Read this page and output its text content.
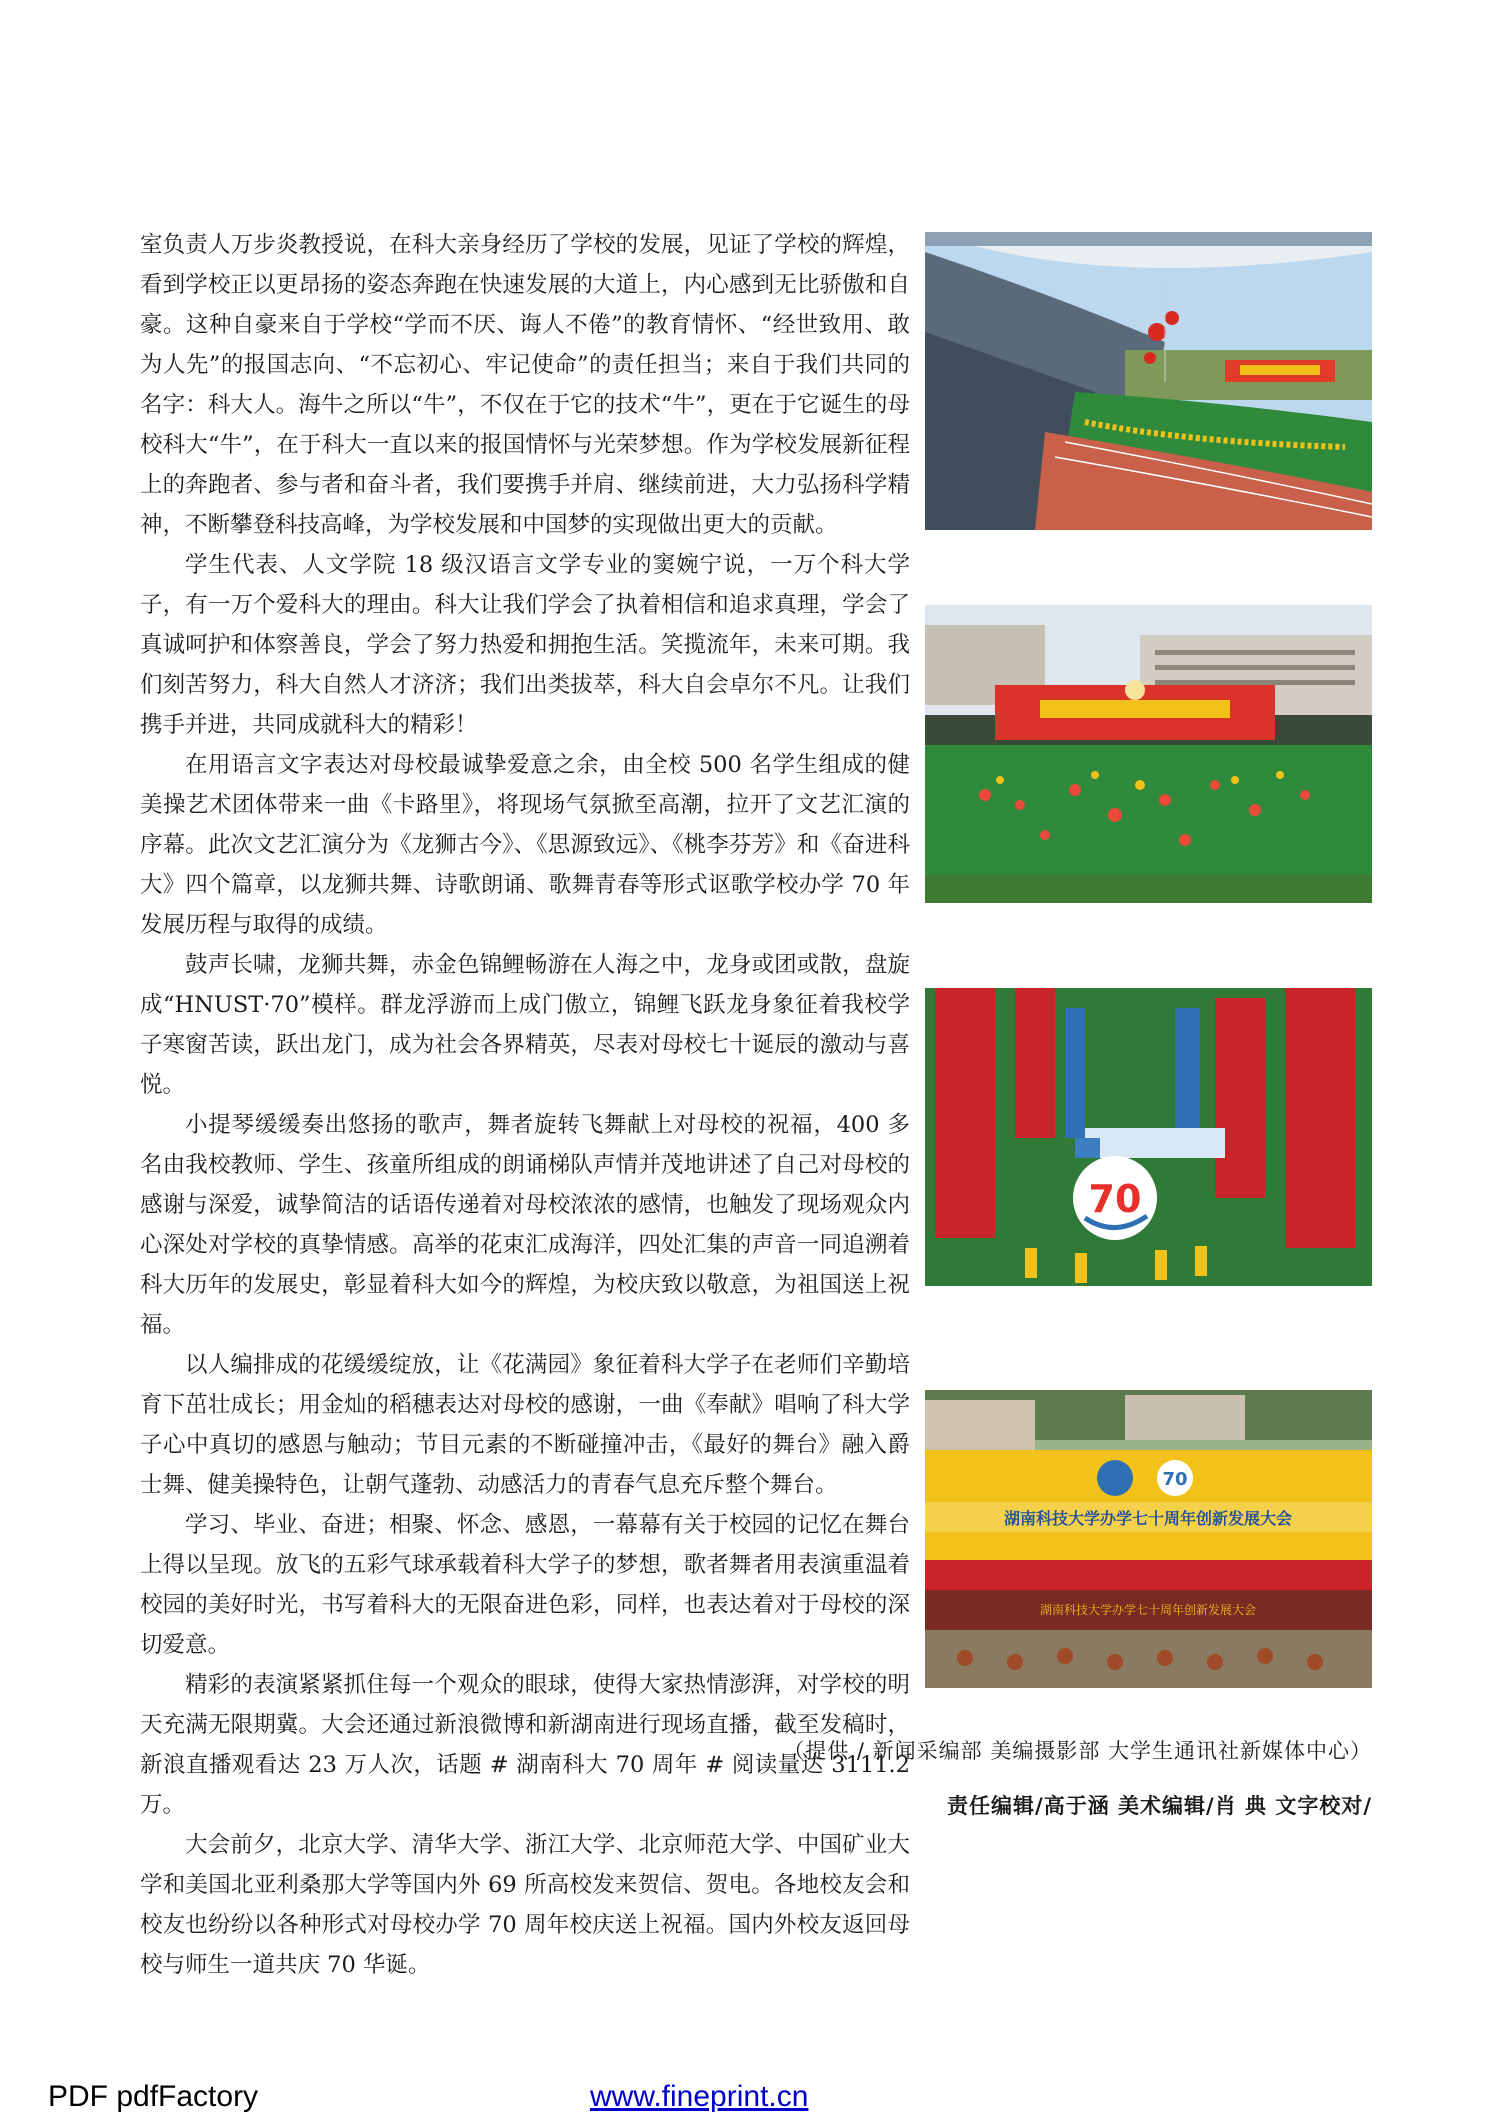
室负责人万步炎教授说，在科大亲身经历了学校的发展，见证了学校的辉煌，看到学校正以更昂扬的姿态奔跑在快速发展的大道上，内心感到无比骄傲和自豪。这种自豪来自于学校“学而不厌、诲人不倦”的教育情怀、“经世致用、敢为人先”的报国志向、“不忘初心、牢记使命”的责任担当；来自于我们共同的名字：科大人。海牛之所以“牛”，不仅在于它的技术“牛”，更在于它诞生的母校科大“牛”，在于科大一直以来的报国情怀与光荣梦想。作为学校发展新征程上的奔跑者、参与者和奋斗者，我们要携手并肩、继续前进，大力弘扬科学精神，不断攀登科技高峰，为学校发展和中国梦的实现做出更大的贡献。

学生代表、人文学院 18 级汉语言文学专业的窦婉宁说，一万个科大学子，有一万个爱科大的理由。科大让我们学会了执着相信和追求真理，学会了真诚呵护和体察善良，学会了努力热爱和拥抱生活。笑揽流年，未来可期。我们刻苦努力，科大自然人才济济；我们出类拔萃，科大自会卓尔不凡。让我们携手并进，共同成就科大的精彩！

在用语言文字表达对母校最诚挚爱意之余，由全校 500 名学生组成的健美操艺术团体带来一曲《卡路里》，将现场气氛掀至高潮，拉开了文艺汇演的序幕。此次文艺汇演分为《龙狮古今》、《思源致远》、《桃李芬芳》和《奋进科大》四个篇章，以龙狮共舞、诗歌朗诵、歌舞青春等形式讴歌学校办学 70 年发展历程与取得的成绩。

鼓声长啸，龙狮共舞，赤金色锦鲤畅游在人海之中，龙身或团或散，盘旋成“HNUST·70”模样。群龙浮游而上成门傲立，锦鲤飞跃龙身象征着我校学子寒窗苦读，跃出龙门，成为社会各界精英，尽表对母校七十诞辰的激动与喜悦。

小提琴缓缓奏出悠扬的歌声，舞者旋转飞舞献上对母校的祝福，400 多名由我校教师、学生、孩童所组成的朗诵梯队声情并茂地讲述了自己对母校的感谢与深爱，诚挚简洁的话语传递着对母校浓浓的感情，也触发了现场观众内心深处对学校的真挚情感。高举的花束汇成海洋，四处汇集的声音一同追溯着科大历年的发展史，彰显着科大如今的辉煌，为校庆致以敬意，为祖国送上祝福。

以人编排成的花缓缓绽放，让《花满园》象征着科大学子在老师们辛勤培育下茁壮成长；用金灿的稻穗表达对母校的感谢，一曲《奉献》唱响了科大学子心中真切的感恩与触动；节目元素的不断碰撞冲击，《最好的舞台》融入爵士舞、健美操特色，让朝气蓬勃、动感活力的青春气息充斥整个舞台。

学习、毕业、奋进；相聚、怀念、感恩，一幕幕有关于校园的记忆在舞台上得以呈现。放飞的五彩气球承载着科大学子的梦想，歌者舞者用表演重温着校园的美好时光，书写着科大的无限奋进色彩，同样，也表达着对于母校的深切爱意。

精彩的表演紧紧抓住每一个观众的眼球，使得大家热情澎湃，对学校的明天充满无限期冀。大会还通过新浪微博和新湖南进行现场直播，截至发稿时，新浪直播观看达 23 万人次，话题 # 湖南科大 70 周年 # 阅读量达 3111.2 万。

大会前夕，北京大学、清华大学、浙江大学、北京师范大学、中国矿业大学和美国北亚利桑那大学等国内外 69 所高校发来贺信、贺电。各地校友会和校友也纷纷以各种形式对母校办学 70 周年校庆送上祝福。国内外校友返回母校与师生一道共庆 70 华诞。

70
70
湖南科技大学办学七十周年创新发展大会
湖南科技大学办学七十周年创新发展大会
（提供 / 新闻采编部 美编摄影部 大学生通讯社新媒体中心）
责任编辑/高于涵 美术编辑/肖 典 文字校对/
PDF pdfFactory	www.fineprint.cn
